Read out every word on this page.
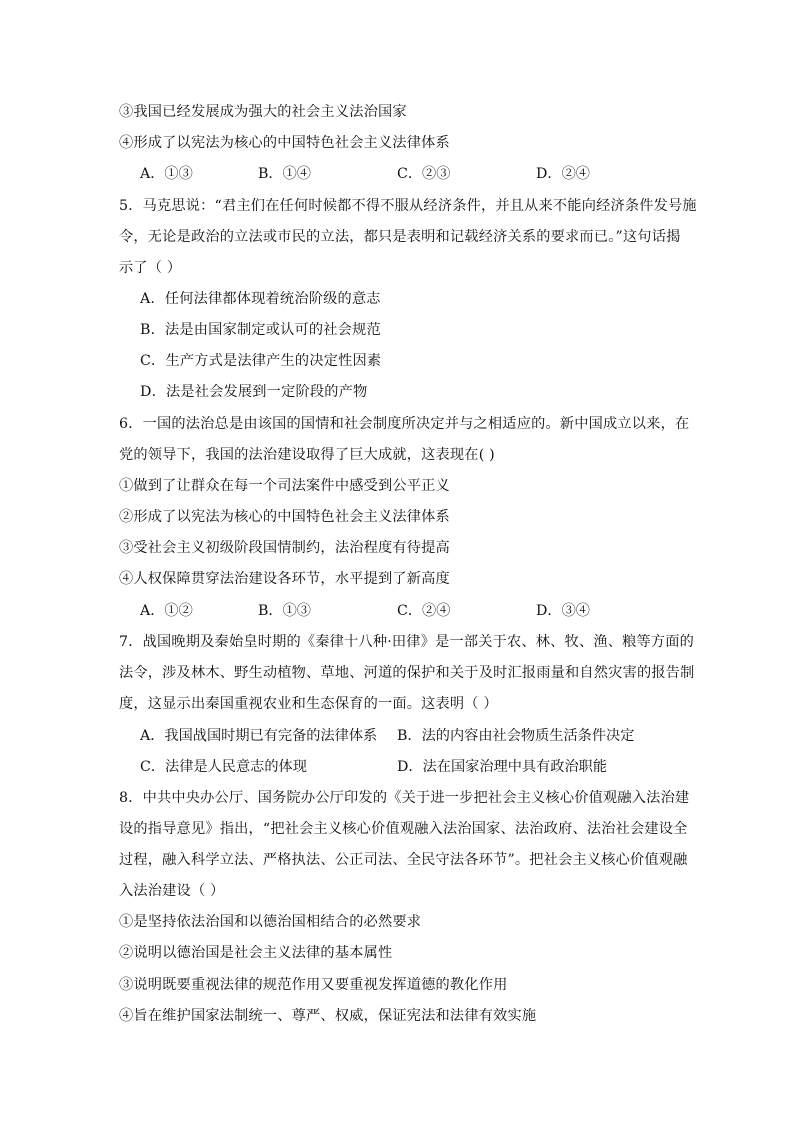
③我国已经发展成为强大的社会主义法治国家
④形成了以宪法为核心的中国特色社会主义法律体系
A．①③	B．①④	C．②③	D．②④
5．马克思说：“君主们在任何时候都不得不服从经济条件，并且从来不能向经济条件发号施
令，无论是政治的立法或市民的立法，都只是表明和记载经济关系的要求而已。”这句话揭
示了（ ）
A．任何法律都体现着统治阶级的意志
B．法是由国家制定或认可的社会规范
C．生产方式是法律产生的决定性因素
D．法是社会发展到一定阶段的产物
6．一国的法治总是由该国的国情和社会制度所决定并与之相适应的。新中国成立以来，在
党的领导下，我国的法治建设取得了巨大成就，这表现在( )
①做到了让群众在每一个司法案件中感受到公平正义
②形成了以宪法为核心的中国特色社会主义法律体系
③受社会主义初级阶段国情制约，法治程度有待提高
④人权保障贯穿法治建设各环节，水平提到了新高度
A．①②	B．①③	C．②④	D．③④
7．战国晚期及秦始皇时期的《秦律十八种·田律》是一部关于农、林、牧、渔、粮等方面的
法令，涉及林木、野生动植物、草地、河道的保护和关于及时汇报雨量和自然灾害的报告制
度，这显示出秦国重视农业和生态保育的一面。这表明（ ）
A．我国战国时期已有完备的法律体系 B．法的内容由社会物质生活条件决定
C．法律是人民意志的体现	D．法在国家治理中具有政治职能
8．中共中央办公厅、国务院办公厅印发的《关于进一步把社会主义核心价值观融入法治建
设的指导意见》指出，“把社会主义核心价值观融入法治国家、法治政府、法治社会建设全
过程，融入科学立法、严格执法、公正司法、全民守法各环节”。把社会主义核心价值观融
入法治建设（ ）
①是坚持依法治国和以德治国相结合的必然要求
②说明以德治国是社会主义法律的基本属性
③说明既要重视法律的规范作用又要重视发挥道德的教化作用
④旨在维护国家法制统一、尊严、权威，保证宪法和法律有效实施
